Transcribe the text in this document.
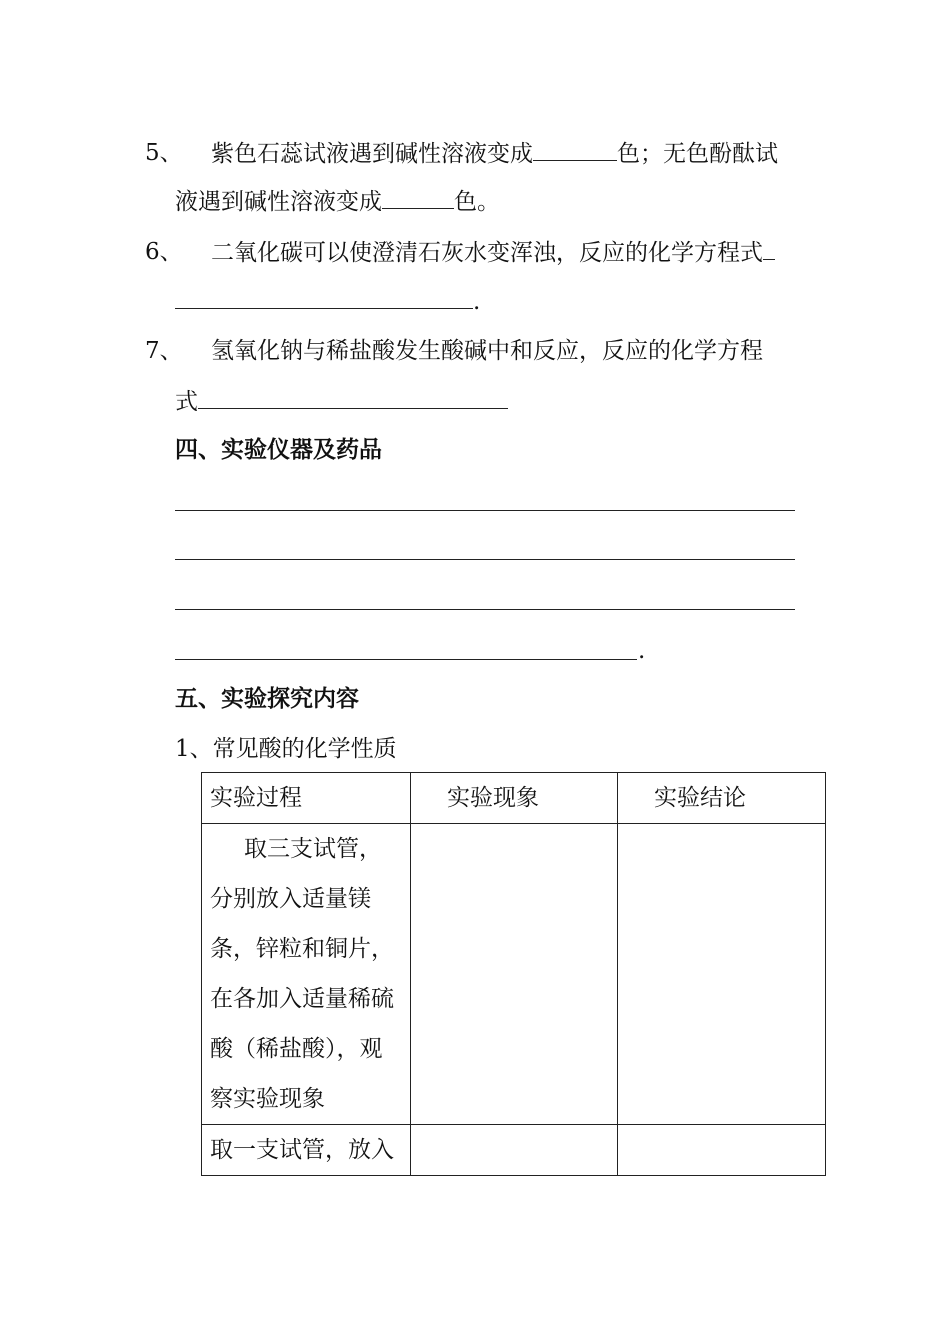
5、 紫色石蕊试液遇到碱性溶液变成	色；无色酚酞试
液遇到碱性溶液变成	色。
6、 二氧化碳可以使澄清石灰水变浑浊，反应的化学方程式
.
7、 氢氧化钠与稀盐酸发生酸碱中和反应，反应的化学方程
式
四、实验仪器及药品
.
五、实验探究内容
1、常见酸的化学性质
实验过程	实验现象	实验结论

取三支试管，分别放入适量镁条，锌粒和铜片，在各加入适量稀硫酸（稀盐酸），观察实验现象		

取一支试管，放入		
